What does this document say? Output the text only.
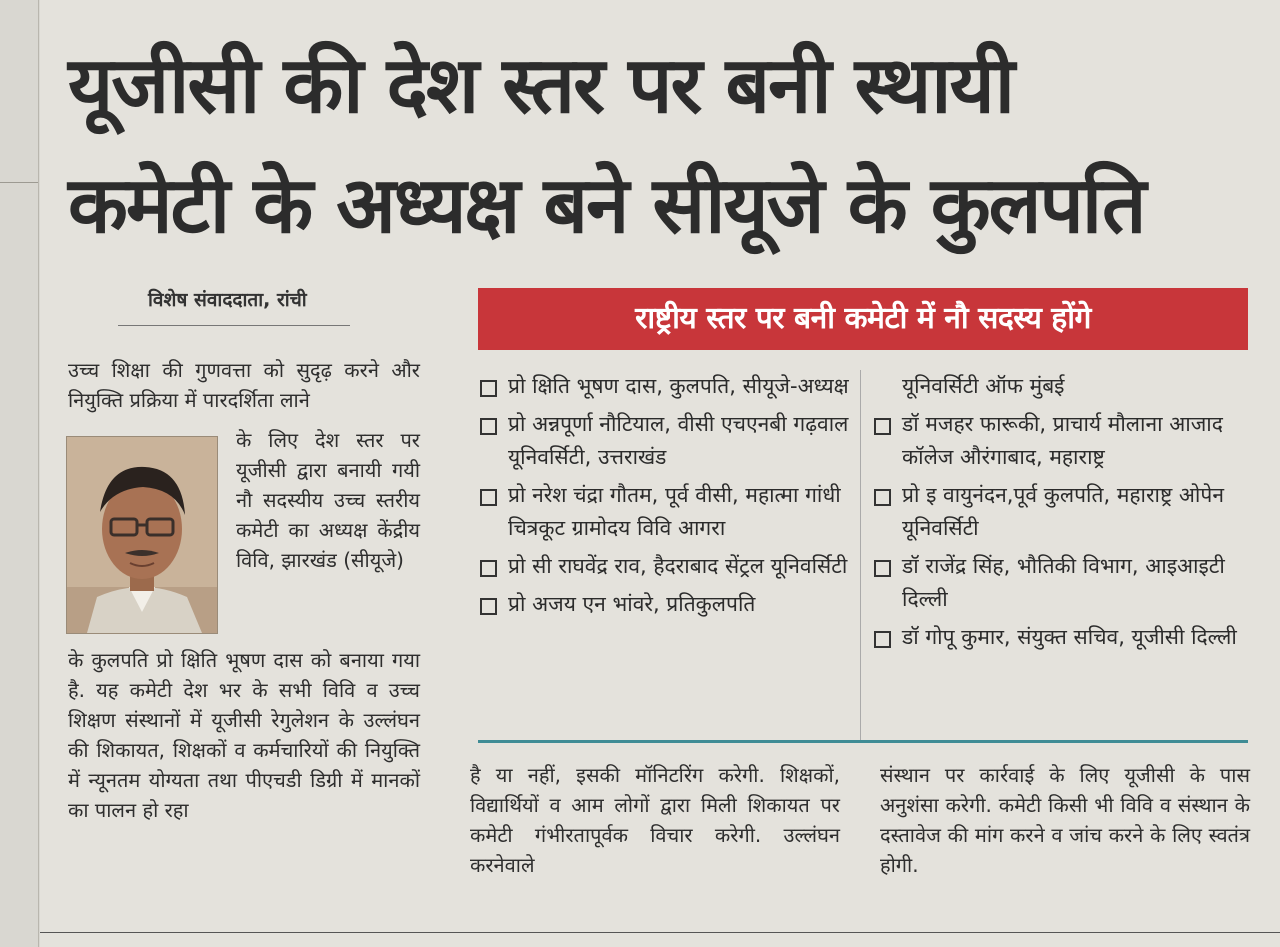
यूजीसी की देश स्तर पर बनी स्थायी
कमेटी के अध्यक्ष बने सीयूजे के कुलपति
विशेष संवाददाता, रांची
उच्च शिक्षा की गुणवत्ता को सुदृढ़ करने और नियुक्ति प्रक्रिया में पारदर्शिता लाने
के लिए देश स्तर पर यूजीसी द्वारा बनायी गयी नौ सदस्यीय उच्च स्तरीय कमेटी का अध्यक्ष केंद्रीय विवि, झारखंड (सीयूजे)
के कुलपति प्रो क्षिति भूषण दास को बनाया गया है. यह कमेटी देश भर के सभी विवि व उच्च शिक्षण संस्थानों में यूजीसी रेगुलेशन के उल्लंघन की शिकायत, शिक्षकों व कर्मचारियों की नियुक्ति में न्यूनतम योग्यता तथा पीएचडी डिग्री में मानकों का पालन हो रहा
राष्ट्रीय स्तर पर बनी कमेटी में नौ सदस्य होंगे
प्रो क्षिति भूषण दास, कुलपति, सीयूजे-अध्यक्ष
प्रो अन्नपूर्णा नौटियाल, वीसी एचएनबी गढ़वाल यूनिवर्सिटी, उत्तराखंड
प्रो नरेश चंद्रा गौतम, पूर्व वीसी, महात्मा गांधी चित्रकूट ग्रामोदय विवि आगरा
प्रो सी राघवेंद्र राव, हैदराबाद सेंट्रल यूनिवर्सिटी
प्रो अजय एन भांवरे, प्रतिकुलपति
यूनिवर्सिटी ऑफ मुंबई
डॉ मजहर फारूकी, प्राचार्य मौलाना आजाद कॉलेज औरंगाबाद, महाराष्ट्र
प्रो इ वायुनंदन,पूर्व कुलपति, महाराष्ट्र ओपेन यूनिवर्सिटी
डॉ राजेंद्र सिंह, भौतिकी विभाग, आइआइटी दिल्ली
डॉ गोपू कुमार, संयुक्त सचिव, यूजीसी दिल्ली
है या नहीं, इसकी मॉनिटरिंग करेगी. शिक्षकों, विद्यार्थियों व आम लोगों द्वारा मिली शिकायत पर कमेटी गंभीरतापूर्वक विचार करेगी. उल्लंघन करनेवाले
संस्थान पर कार्रवाई के लिए यूजीसी के पास अनुशंसा करेगी. कमेटी किसी भी विवि व संस्थान के दस्तावेज की मांग करने व जांच करने के लिए स्वतंत्र होगी.
